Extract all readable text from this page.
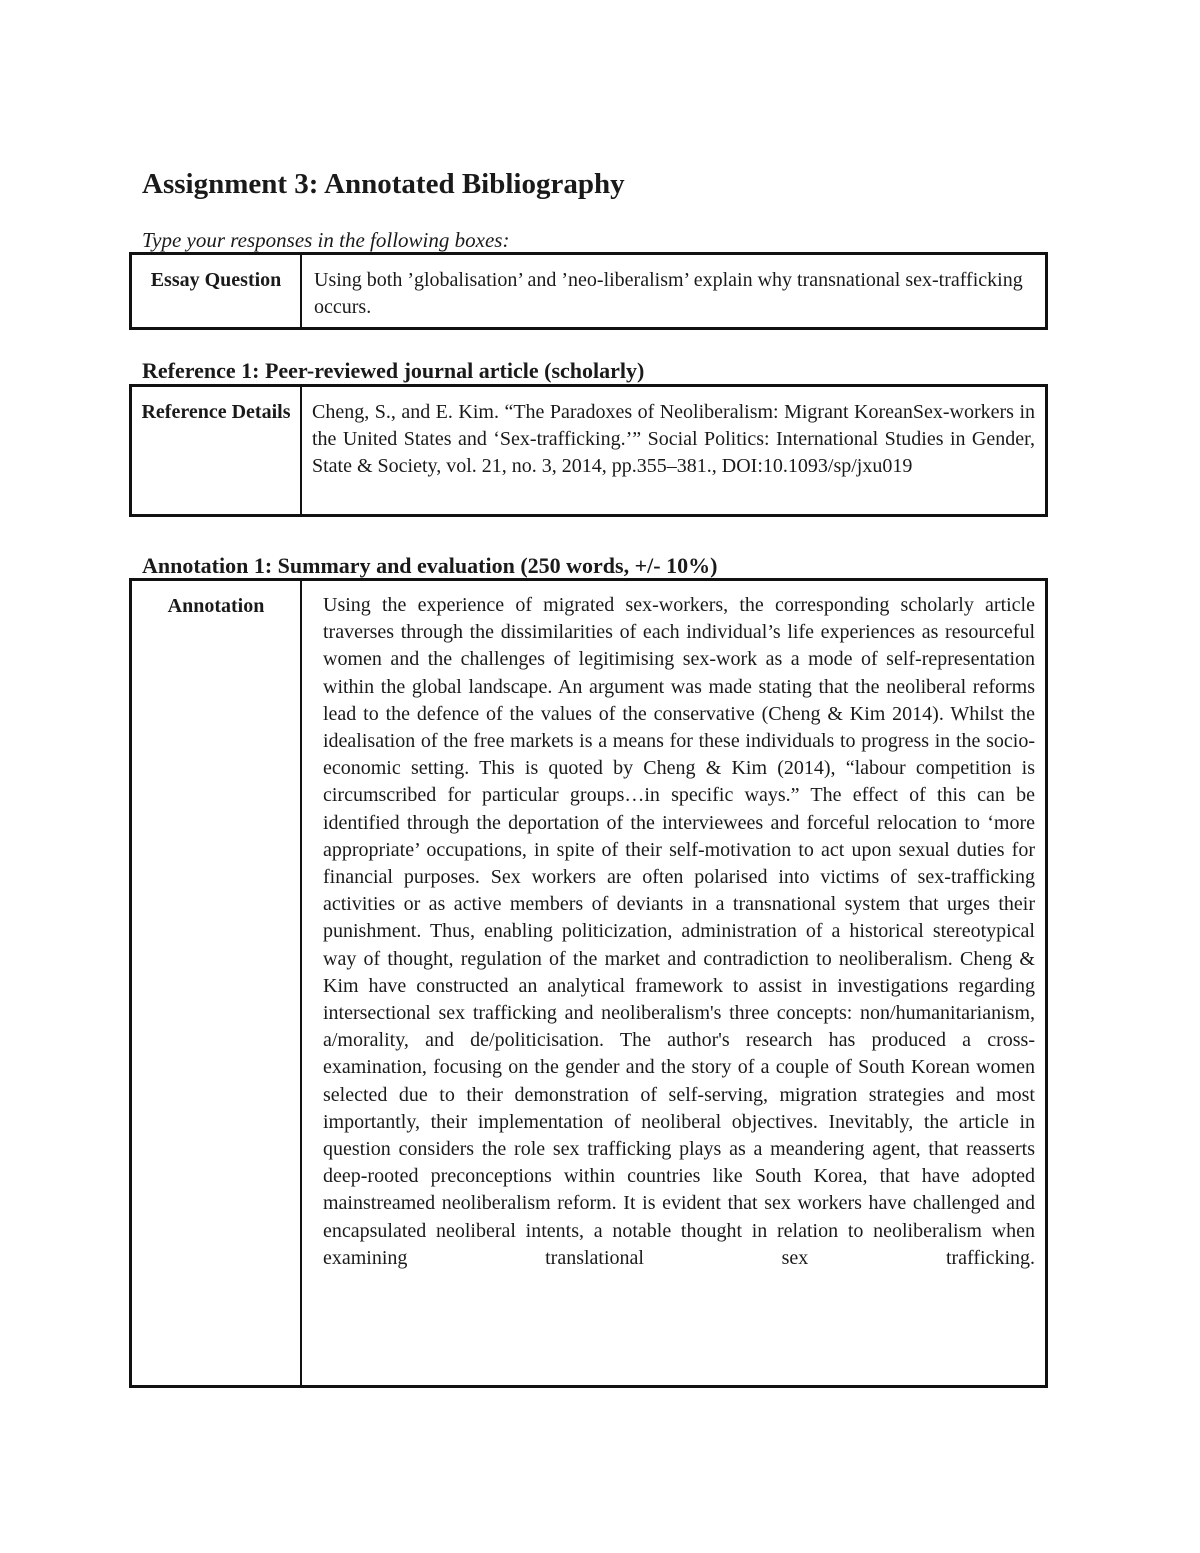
Assignment 3: Annotated Bibliography

Type your responses in the following boxes:

Essay Question	Using both ’globalisation’ and ’neo-liberalism’ explain why transnational sex-trafficking occurs.
Reference 1: Peer-reviewed journal article (scholarly)
Reference Details	Cheng, S., and E. Kim. “The Paradoxes of Neoliberalism: Migrant KoreanSex-workers in the United States and ‘Sex-trafficking.’” Social Politics: International Studies in Gender, State & Society, vol. 21, no. 3, 2014, pp.355–381., DOI:10.1093/sp/jxu019
Annotation 1: Summary and evaluation (250 words, +/- 10%)
Annotation	Using the experience of migrated sex-workers, the corresponding scholarly article traverses through the dissimilarities of each individual’s life experiences as resourceful women and the challenges of legitimising sex-work as a mode of self-representation within the global landscape. An argument was made stating that the neoliberal reforms lead to the defence of the values of the conservative (Cheng & Kim 2014). Whilst the idealisation of the free markets is a means for these individuals to progress in the socio-economic setting. This is quoted by Cheng & Kim (2014), “labour competition is circumscribed for particular groups…in specific ways.” The effect of this can be identified through the deportation of the interviewees and forceful relocation to ‘more appropriate’ occupations, in spite of their self-motivation to act upon sexual duties for financial purposes. Sex workers are often polarised into victims of sex-trafficking activities or as active members of deviants in a transnational system that urges their punishment. Thus, enabling politicization, administration of a historical stereotypical way of thought, regulation of the market and contradiction to neoliberalism. Cheng & Kim have constructed an analytical framework to assist in investigations regarding intersectional sex trafficking and neoliberalism's three concepts: non/humanitarianism, a/morality, and de/politicisation. The author's research has produced a cross-examination, focusing on the gender and the story of a couple of South Korean women selected due to their demonstration of self-serving, migration strategies and most importantly, their implementation of neoliberal objectives. Inevitably, the article in question considers the role sex trafficking plays as a meandering agent, that reasserts deep-rooted preconceptions within countries like South Korea, that have adopted mainstreamed neoliberalism reform. It is evident that sex workers have challenged and encapsulated neoliberal intents, a notable thought in relation to neoliberalism when examining translational sex trafficking.
